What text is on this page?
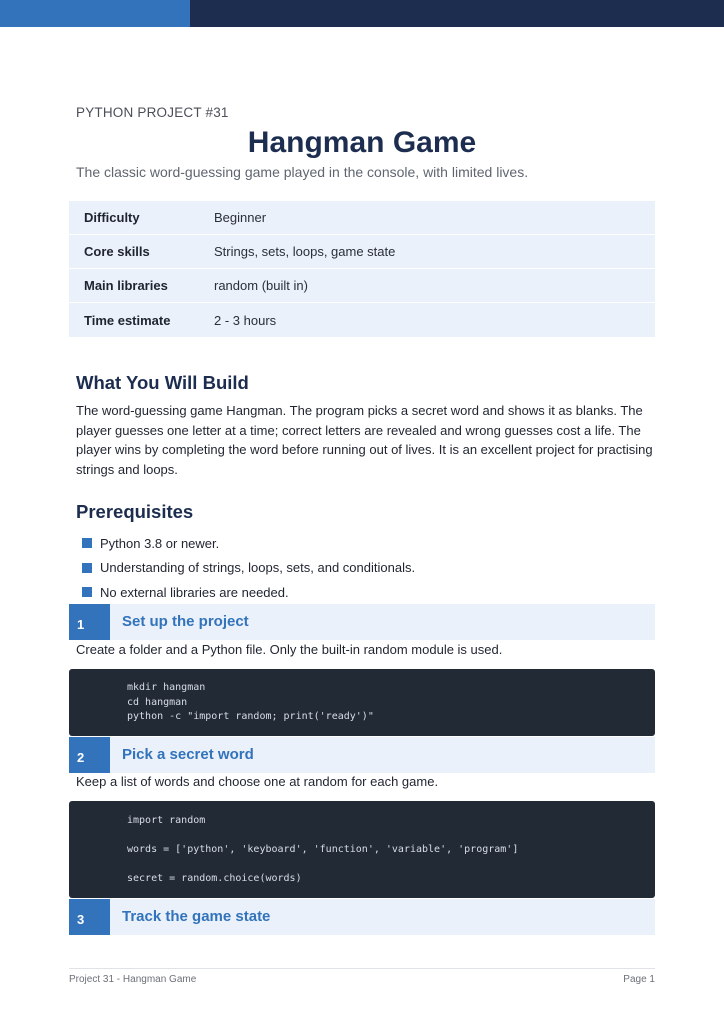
PYTHON PROJECT #31
Hangman Game
The classic word-guessing game played in the console, with limited lives.
Difficulty	Beginner
Core skills	Strings, sets, loops, game state
Main libraries	random (built in)
Time estimate	2 - 3 hours
What You Will Build
The word-guessing game Hangman. The program picks a secret word and shows it as blanks. The player guesses one letter at a time; correct letters are revealed and wrong guesses cost a life. The player wins by completing the word before running out of lives. It is an excellent project for practising strings and loops.
Prerequisites
Python 3.8 or newer.
Understanding of strings, loops, sets, and conditionals.
No external libraries are needed.
1	Set up the project
Create a folder and a Python file. Only the built-in random module is used.
mkdir hangman
cd hangman
python -c "import random; print('ready')"
2	Pick a secret word
Keep a list of words and choose one at random for each game.
import random
words = ['python', 'keyboard', 'function', 'variable', 'program']
secret = random.choice(words)
3	Track the game state
Project 31 - Hangman Game	Page 1
